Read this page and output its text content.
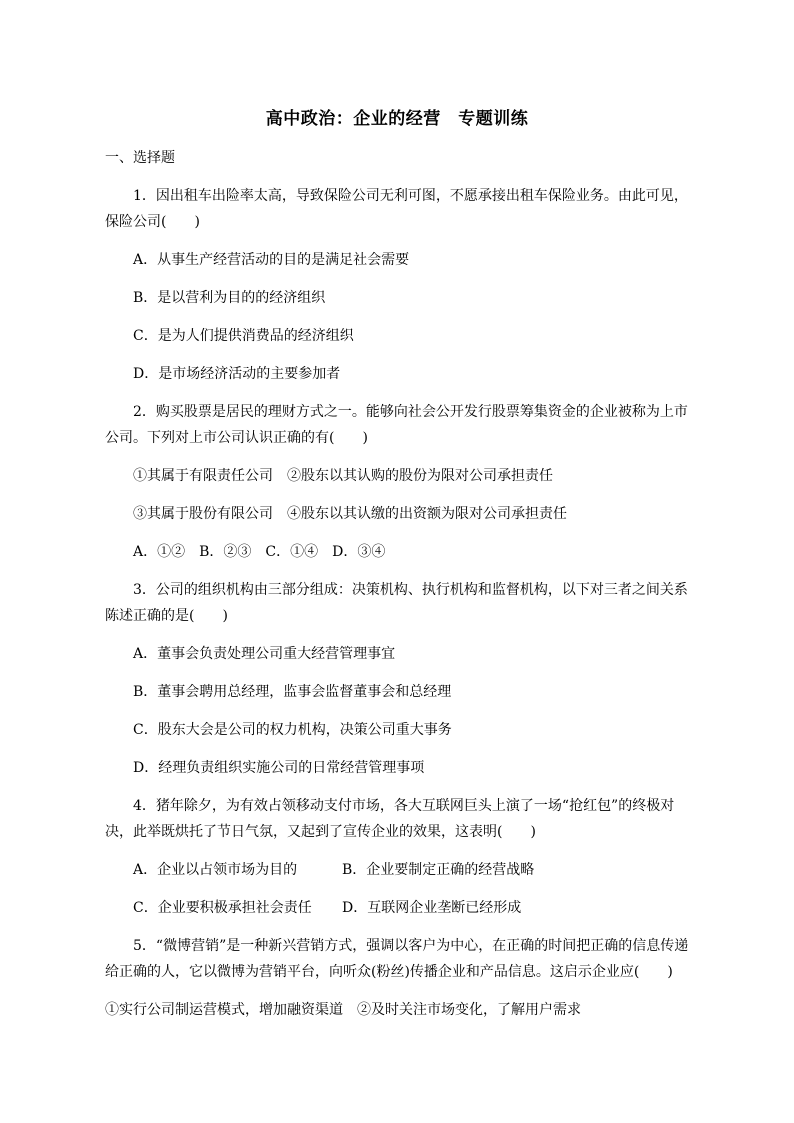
高中政治：企业的经营　专题训练
一、选择题
1．因出租车出险率太高，导致保险公司无利可图，不愿承接出租车保险业务。由此可见，
保险公司(　　)
A．从事生产经营活动的目的是满足社会需要
B．是以营利为目的的经济组织
C．是为人们提供消费品的经济组织
D．是市场经济活动的主要参加者
2．购买股票是居民的理财方式之一。能够向社会公开发行股票筹集资金的企业被称为上市
公司。下列对上市公司认识正确的有(　　)
①其属于有限责任公司　②股东以其认购的股份为限对公司承担责任
③其属于股份有限公司　④股东以其认缴的出资额为限对公司承担责任
A．①②　B．②③　C．①④　D．③④
3．公司的组织机构由三部分组成：决策机构、执行机构和监督机构，以下对三者之间关系
陈述正确的是(　　)
A．董事会负责处理公司重大经营管理事宜
B．董事会聘用总经理，监事会监督董事会和总经理
C．股东大会是公司的权力机构，决策公司重大事务
D．经理负责组织实施公司的日常经营管理事项
4．猪年除夕，为有效占领移动支付市场，各大互联网巨头上演了一场“抢红包”的终极对
决，此举既烘托了节日气氛，又起到了宣传企业的效果，这表明(　　)
A．企业以占领市场为目的	B．企业要制定正确的经营战略
C．企业要积极承担社会责任 D．互联网企业垄断已经形成
5．“微博营销”是一种新兴营销方式，强调以客户为中心，在正确的时间把正确的信息传递
给正确的人，它以微博为营销平台，向听众(粉丝)传播企业和产品信息。这启示企业应(　　)
①实行公司制运营模式，增加融资渠道　②及时关注市场变化，了解用户需求
